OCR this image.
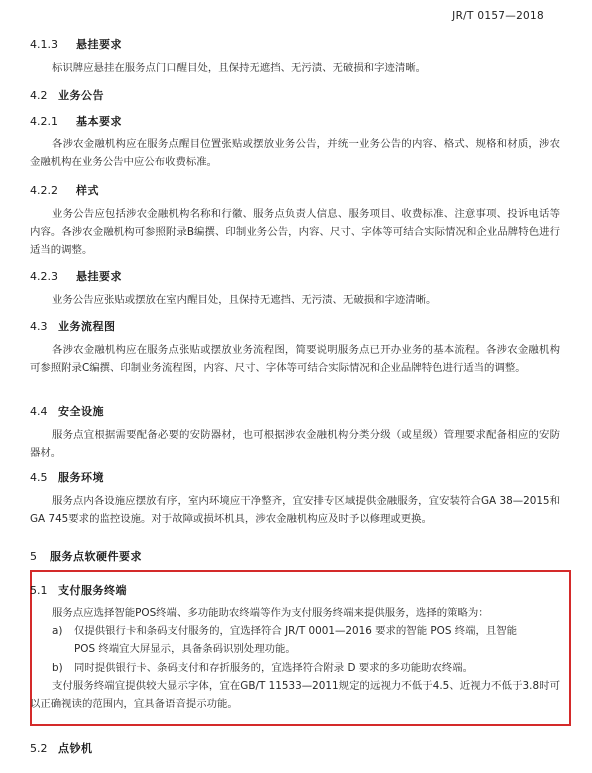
JR/T 0157—2018
4.1.3 悬挂要求

标识牌应悬挂在服务点门口醒目处，且保持无遮挡、无污渍、无破损和字迹清晰。

4.2 业务公告
4.2.1 基本要求

各涉农金融机构应在服务点醒目位置张贴或摆放业务公告，并统一业务公告的内容、格式、规格和材质，涉农金融机构在业务公告中应公布收费标准。

4.2.2 样式

业务公告应包括涉农金融机构名称和行徽、服务点负责人信息、服务项目、收费标准、注意事项、投诉电话等内容。各涉农金融机构可参照附录B编撰、印制业务公告，内容、尺寸、字体等可结合实际情况和企业品牌特色进行适当的调整。

4.2.3 悬挂要求

业务公告应张贴或摆放在室内醒目处，且保持无遮挡、无污渍、无破损和字迹清晰。

4.3 业务流程图

各涉农金融机构应在服务点张贴或摆放业务流程图，简要说明服务点已开办业务的基本流程。各涉农金融机构可参照附录C编撰、印制业务流程图，内容、尺寸、字体等可结合实际情况和企业品牌特色进行适当的调整。

4.4 安全设施

服务点宜根据需要配备必要的安防器材，也可根据涉农金融机构分类分级（或星级）管理要求配备相应的安防器材。

4.5 服务环境

服务点内各设施应摆放有序，室内环境应干净整齐，宜安排专区域提供金融服务，宜安装符合GA 38—2015和GA 745要求的监控设施。对于故障或损坏机具，涉农金融机构应及时予以修理或更换。

5 服务点软硬件要求
5.1 支付服务终端

服务点应选择智能POS终端、多功能助农终端等作为支付服务终端来提供服务，选择的策略为：

a) 仅提供银行卡和条码支付服务的，宜选择符合 JR/T 0001—2016 要求的智能 POS 终端，且智能
POS 终端宜大屏显示，具备条码识别处理功能。
b) 同时提供银行卡、条码支付和存折服务的，宜选择符合附录 D 要求的多功能助农终端。

支付服务终端宜提供较大显示字体，宜在GB/T 11533—2011规定的远视力不低于4.5、近视力不低于3.8时可以正确视读的范围内，宜具备语音提示功能。

5.2 点钞机
